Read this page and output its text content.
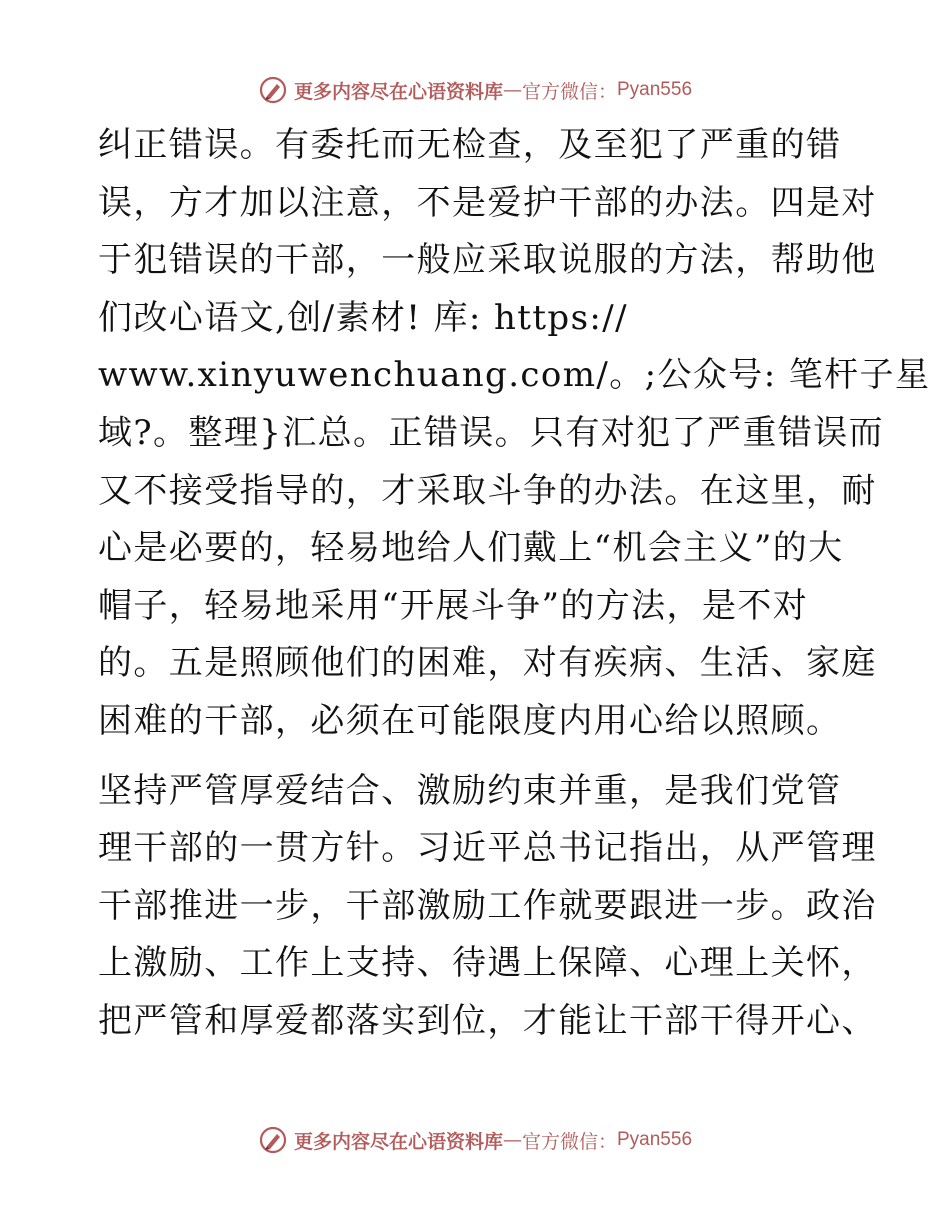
更多内容尽在心语资料库 — 官方微信： Pyan556
纠正错误。有委托而无检查，及至犯了严重的错
误，方才加以注意，不是爱护干部的办法。四是对
于犯错误的干部，一般应采取说服的方法，帮助他
们改心语文,创/素材! 库: https://
www.xinyuwenchuang.com/。;公众号: 笔杆子星
域?。整理}汇总。正错误。只有对犯了严重错误而
又不接受指导的，才采取斗争的办法。在这里，耐
心是必要的，轻易地给人们戴上“机会主义”的大
帽子，轻易地采用“开展斗争”的方法，是不对
的。五是照顾他们的困难，对有疾病、生活、家庭
困难的干部，必须在可能限度内用心给以照顾。
坚持严管厚爱结合、激励约束并重，是我们党管
理干部的一贯方针。习近平总书记指出，从严管理
干部推进一步，干部激励工作就要跟进一步。政治
上激励、工作上支持、待遇上保障、心理上关怀，
把严管和厚爱都落实到位，才能让干部干得开心、
更多内容尽在心语资料库 — 官方微信： Pyan556
